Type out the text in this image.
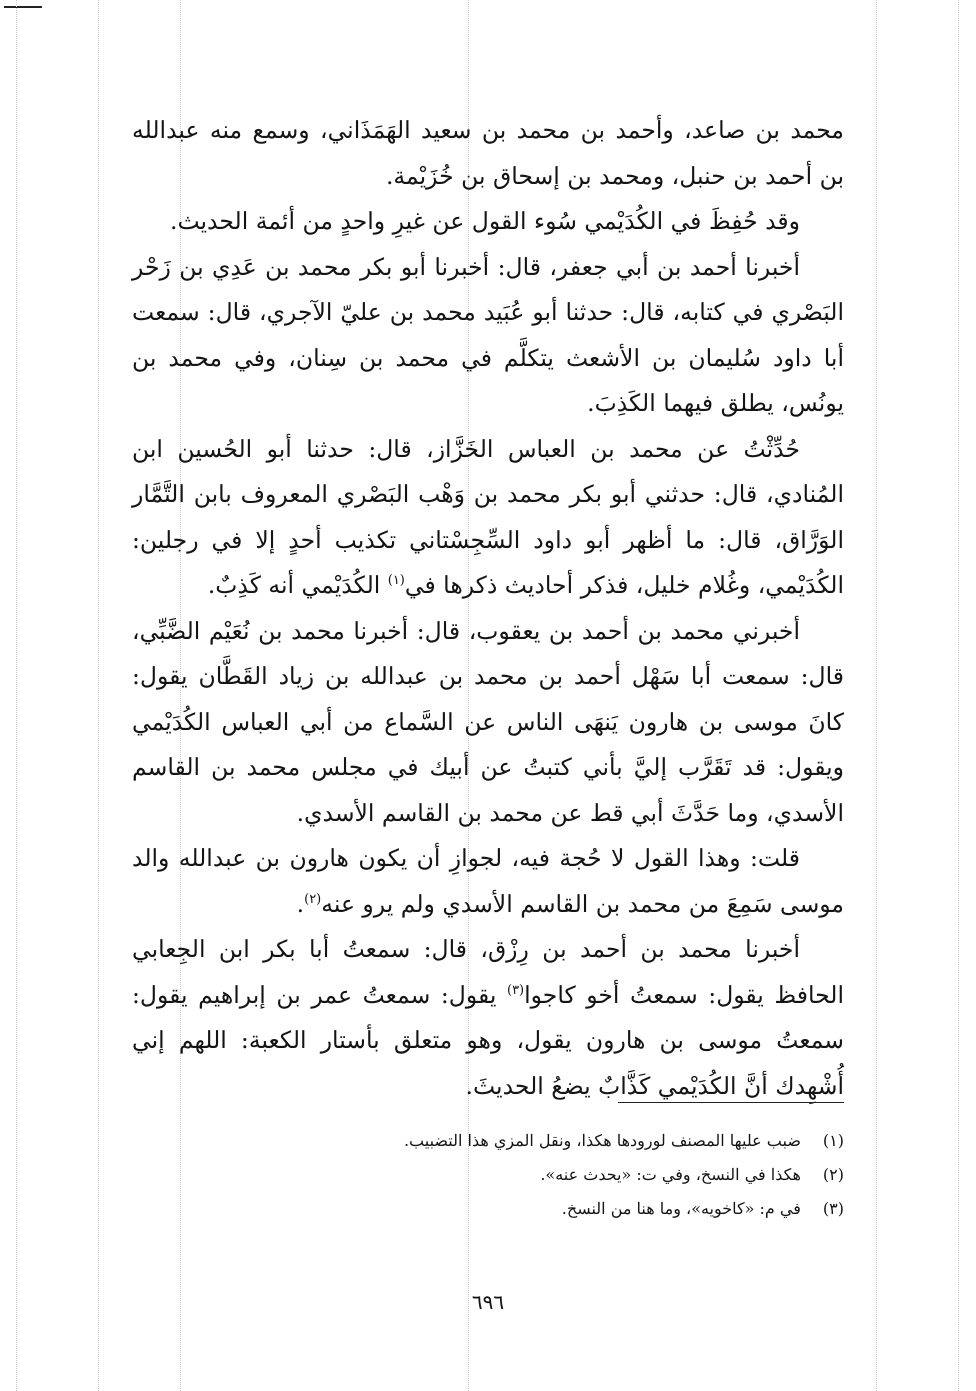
محمد بن صاعد، وأحمد بن محمد بن سعيد الهَمَذَاني، وسمع منه عبدالله بن أحمد بن حنبل، ومحمد بن إسحاق بن خُزَيْمة.

وقد حُفِظَ في الكُدَيْمي سُوء القول عن غيرِ واحدٍ من أئمة الحديث.

أخبرنا أحمد بن أبي جعفر، قال: أخبرنا أبو بكر محمد بن عَدِي بن زَحْر البَصْري في كتابه، قال: حدثنا أبو عُبَيد محمد بن عليّ الآجري، قال: سمعت أبا داود سُليمان بن الأشعث يتكلَّم في محمد بن سِنان، وفي محمد بن يونُس، يطلق فيهما الكَذِبَ.

حُدِّثْتُ عن محمد بن العباس الخَزَّاز، قال: حدثنا أبو الحُسين ابن المُنادي، قال: حدثني أبو بكر محمد بن وَهْب البَصْري المعروف بابن التَّمَّار الوَرَّاق، قال: ما أظهر أبو داود السِّجِسْتاني تكذيب أحدٍ إلا في رجلين: الكُدَيْمي، وغُلام خليل، فذكر أحاديث ذكرها في$^{(١)}$ الكُدَيْمي أنه كَذِبٌ.

أخبرني محمد بن أحمد بن يعقوب، قال: أخبرنا محمد بن نُعَيْم الضَّبِّي، قال: سمعت أبا سَهْل أحمد بن محمد بن عبدالله بن زياد القَطَّان يقول: كانَ موسى بن هارون يَنهَى الناس عن السَّماع من أبي العباس الكُدَيْمي ويقول: قد تَقَرَّب إليَّ بأني كتبتُ عن أبيك في مجلس محمد بن القاسم الأسدي، وما حَدَّثَ أبي قط عن محمد بن القاسم الأسدي.

قلت: وهذا القول لا حُجة فيه، لجوازِ أن يكون هارون بن عبدالله والد موسى سَمِعَ من محمد بن القاسم الأسدي ولم يرو عنه$^{(٢)}$.

أخبرنا محمد بن أحمد بن رِزْق، قال: سمعتُ أبا بكر ابن الجِعابي الحافظ يقول: سمعتُ أخو كاجوا$^{(٣)}$ يقول: سمعتُ عمر بن إبراهيم يقول: سمعتُ موسى بن هارون يقول، وهو متعلق بأستار الكعبة: اللهم إني أُشْهِدك أنَّ الكُدَيْمي كَذَّابٌ يضعُ الحديثَ.

(١) ضبب عليها المصنف لورودها هكذا، ونقل المزي هذا التضبيب.
(٢) هكذا في النسخ، وفي ت: «يحدث عنه».
(٣) في م: «كاخويه»، وما هنا من النسخ.
٦٩٦
